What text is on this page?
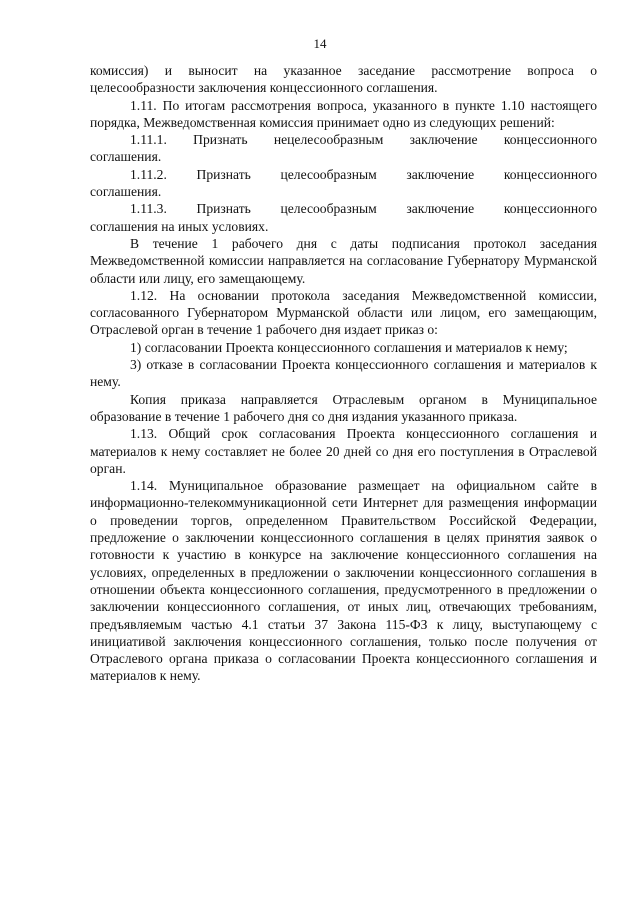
14

комиссия) и выносит на указанное заседание рассмотрение вопроса о целесообразности заключения концессионного соглашения.

1.11. По итогам рассмотрения вопроса, указанного в пункте 1.10 настоящего порядка, Межведомственная комиссия принимает одно из следующих решений:

1.11.1. Признать нецелесообразным заключение концессионного

соглашения.

1.11.2. Признать целесообразным заключение концессионного

соглашения.

1.11.3. Признать целесообразным заключение концессионного

соглашения на иных условиях.

В течение 1 рабочего дня с даты подписания протокол заседания Межведомственной комиссии направляется на согласование Губернатору Мурманской области или лицу, его замещающему.

1.12. На основании протокола заседания Межведомственной комиссии, согласованного Губернатором Мурманской области или лицом, его замещающим, Отраслевой орган в течение 1 рабочего дня издает приказ о:

1) согласовании Проекта концессионного соглашения и материалов к нему;

3) отказе в согласовании Проекта концессионного соглашения и материалов к нему.

Копия приказа направляется Отраслевым органом в Муниципальное образование в течение 1 рабочего дня со дня издания указанного приказа.

1.13. Общий срок согласования Проекта концессионного соглашения и материалов к нему составляет не более 20 дней со дня его поступления в Отраслевой орган.

1.14. Муниципальное образование размещает на официальном сайте в информационно-телекоммуникационной сети Интернет для размещения информации о проведении торгов, определенном Правительством Российской Федерации, предложение о заключении концессионного соглашения в целях принятия заявок о готовности к участию в конкурсе на заключение концессионного соглашения на условиях, определенных в предложении о заключении концессионного соглашения в отношении объекта концессионного соглашения, предусмотренного в предложении о заключении концессионного соглашения, от иных лиц, отвечающих требованиям, предъявляемым частью 4.1 статьи 37 Закона 115-ФЗ к лицу, выступающему с инициативой заключения концессионного соглашения, только после получения от Отраслевого органа приказа о согласовании Проекта концессионного соглашения и материалов к нему.
